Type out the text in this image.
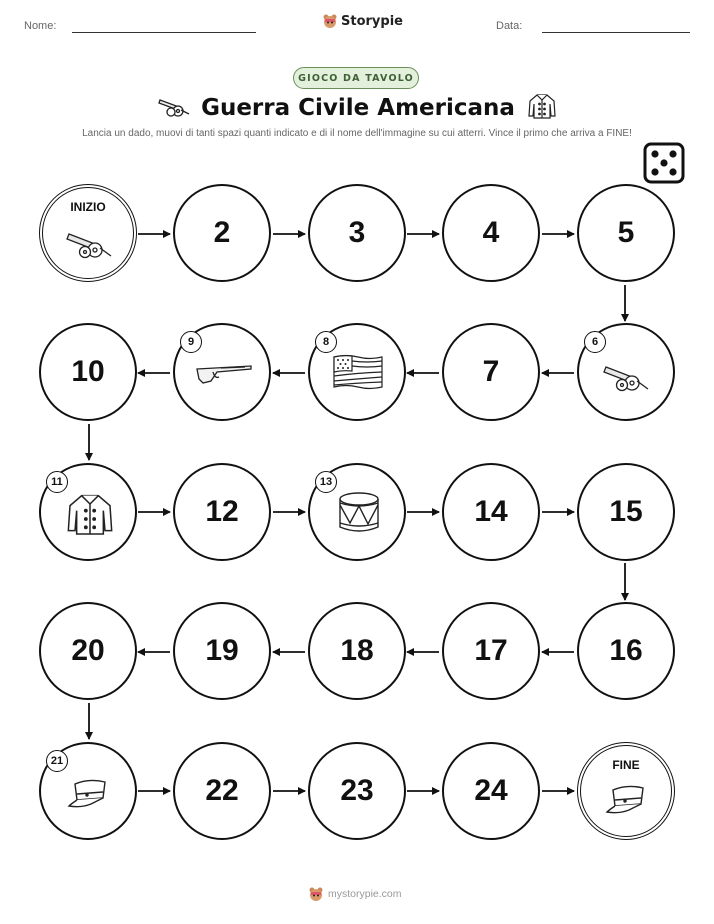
Nome:	Storypie	Data:
GIOCO DA TAVOLO
Guerra Civile Americana
Lancia un dado, muovi di tanti spazi quanti indicato e di il nome dell'immagine su cui atterri. Vince il primo che arriva a FINE!
INIZIO
2	3	4	5
10
9	8
7
6
11
12
13
14	15
20	19	18	17	16
21
22	23	24
FINE
mystorypie.com
